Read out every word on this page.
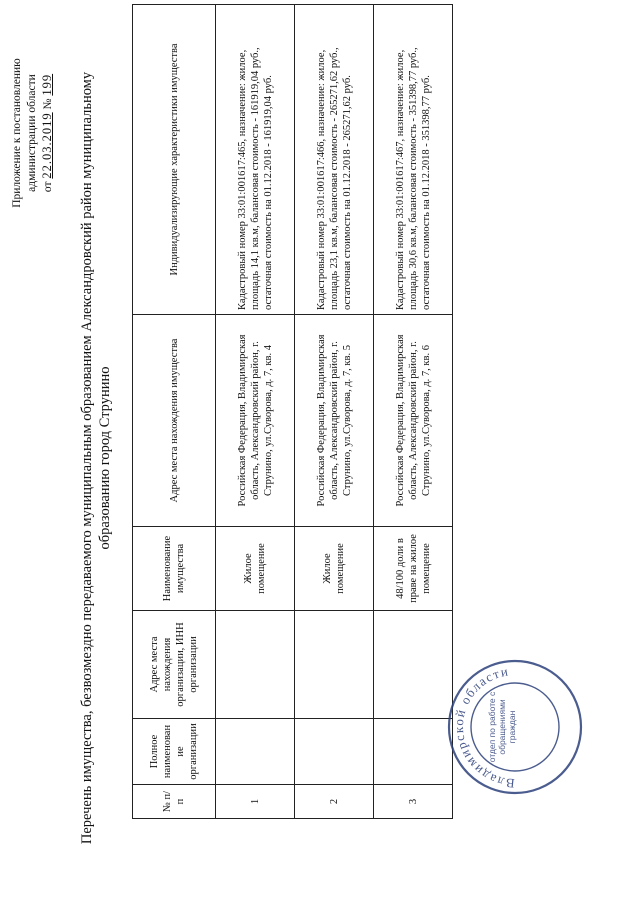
Приложение к постановлению администрации области от 22.03.2019 № 199 Перечень имущества, безвозмездно передаваемого муниципальным образованием Александровский район муниципальному образованию город Струнино
№ п/п	Полное наименование организации	Адрес места нахождения организации, ИНН организации	Наименование имущества	Адрес места нахождения имущества	Индивидуализирующие характеристики имущества
1			Жилое помещение	Российская Федерация, Владимирская область, Александровский район, г. Струнино, ул.Суворова, д. 7, кв. 4	Кадастровый номер 33:01:001617:465, назначение: жилое, площадь 14,1 кв.м, балансовая стоимость - 161919,04 руб., остаточная стоимость на 01.12.2018 - 161919,04 руб.
2			Жилое помещение	Российская Федерация, Владимирская область, Александровский район, г. Струнино, ул.Суворова, д. 7, кв. 5	Кадастровый номер 33:01:001617:466, назначение: жилое, площадь 23,1 кв.м, балансовая стоимость - 265271,62 руб., остаточная стоимость на 01.12.2018 - 265271,62 руб.
3			48/100 доли в праве на жилое помещение	Российская Федерация, Владимирская область, Александровский район, г. Струнино, ул.Суворова, д. 7, кв. 6	Кадастровый номер 33:01:001617:467, назначение: жилое, площадь 30,6 кв.м, балансовая стоимость - 351398,77 руб., остаточная стоимость на 01.12.2018 - 351398,77 руб.
Владимирской области
отдел по работе с обращениями граждан
